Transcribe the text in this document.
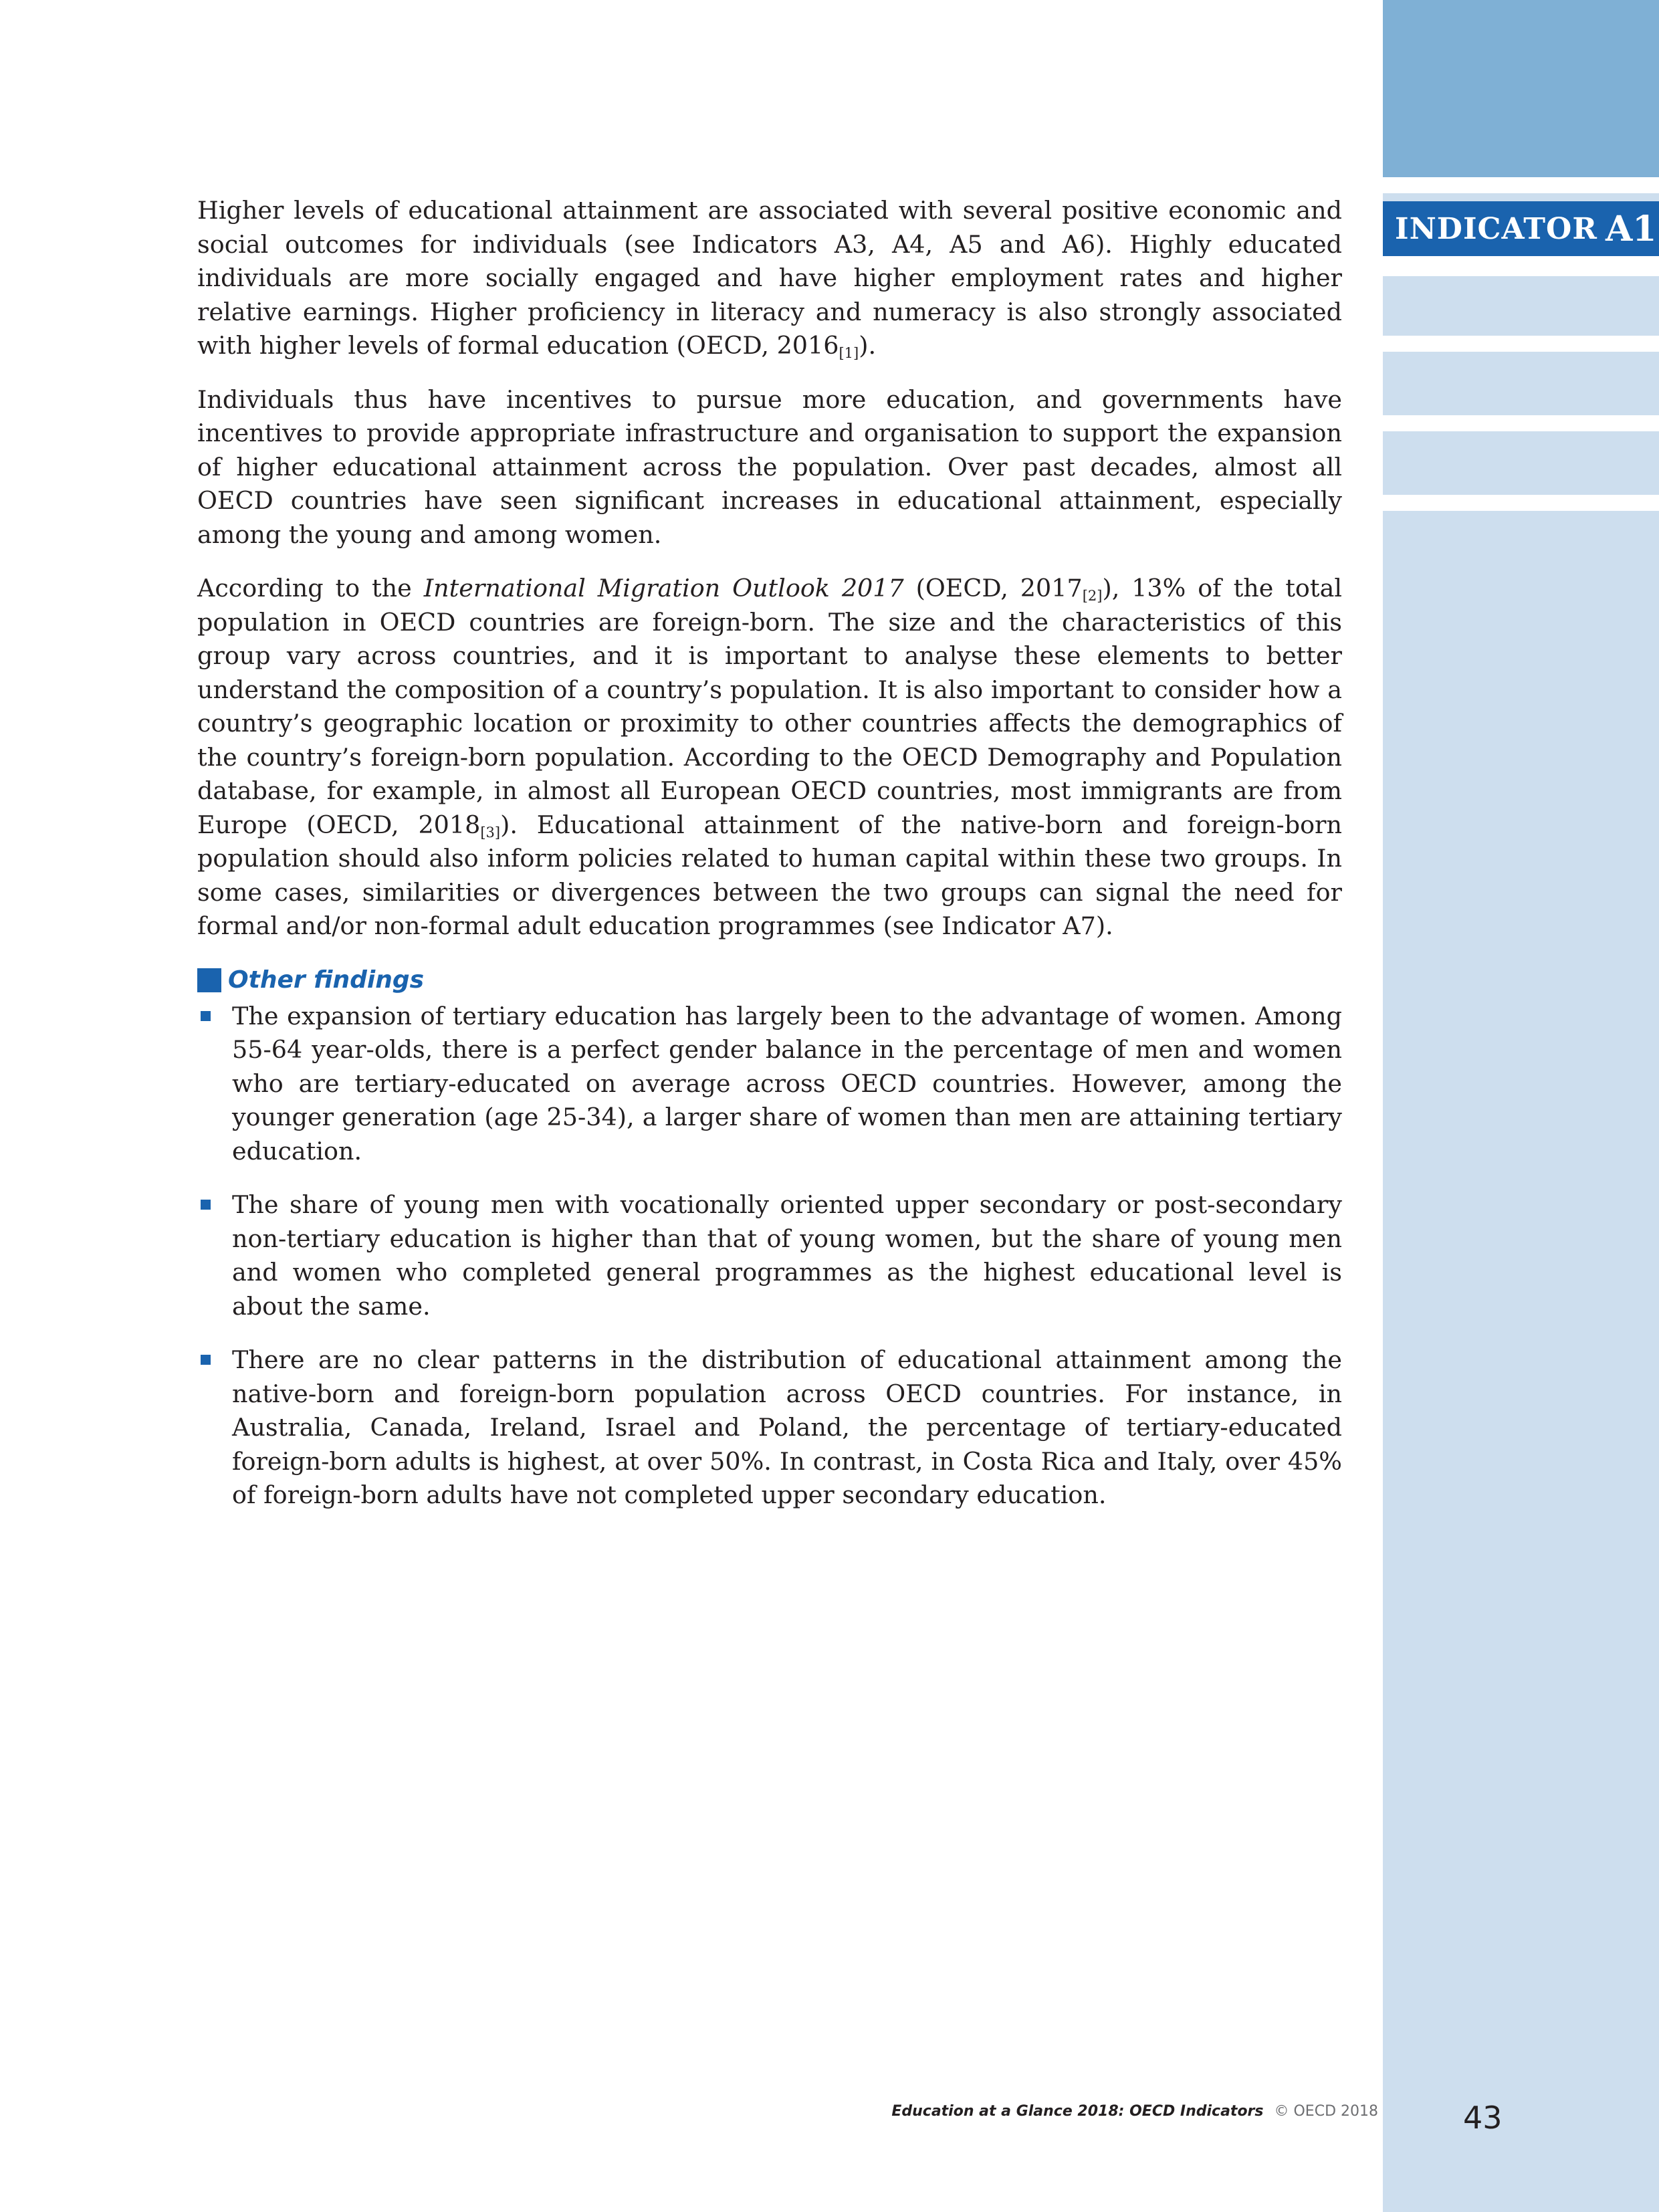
INDICATOR A1

Higher levels of educational attainment are associated with several positive economic and social outcomes for individuals (see Indicators A3, A4, A5 and A6). Highly educated individuals are more socially engaged and have higher employment rates and higher relative earnings. Higher proficiency in literacy and numeracy is also strongly associated with higher levels of formal education (OECD, $2016_{[1]}$).

Individuals thus have incentives to pursue more education, and governments have incentives to provide appropriate infrastructure and organisation to support the expansion of higher educational attainment across the population. Over past decades, almost all OECD countries have seen significant increases in educational attainment, especially among the young and among women.

According to the International Migration Outlook 2017 (OECD, $2017_{[2]}$), 13% of the total population in OECD countries are foreign-born. The size and the characteristics of this group vary across countries, and it is important to analyse these elements to better understand the composition of a country’s population. It is also important to consider how a country’s geographic location or proximity to other countries affects the demographics of the country’s foreign-born population. According to the OECD Demography and Population database, for example, in almost all European OECD countries, most immigrants are from Europe (OECD, $2018_{[3]}$). Educational attainment of the native-born and foreign-born population should also inform policies related to human capital within these two groups. In some cases, similarities or divergences between the two groups can signal the need for formal and/or non-formal adult education programmes (see Indicator A7).

Other findings
The expansion of tertiary education has largely been to the advantage of women. Among 55-64 year-olds, there is a perfect gender balance in the percentage of men and women who are tertiary-educated on average across OECD countries. However, among the younger generation (age 25-34), a larger share of women than men are attaining tertiary education.
The share of young men with vocationally oriented upper secondary or post-secondary non-tertiary education is higher than that of young women, but the share of young men and women who completed general programmes as the highest educational level is about the same.
There are no clear patterns in the distribution of educational attainment among the native-born and foreign-born population across OECD countries. For instance, in Australia, Canada, Ireland, Israel and Poland, the percentage of tertiary-educated foreign-born adults is highest, at over 50%. In contrast, in Costa Rica and Italy, over 45% of foreign-born adults have not completed upper secondary education.
Education at a Glance 2018: OECD Indicators © OECD 2018	43
